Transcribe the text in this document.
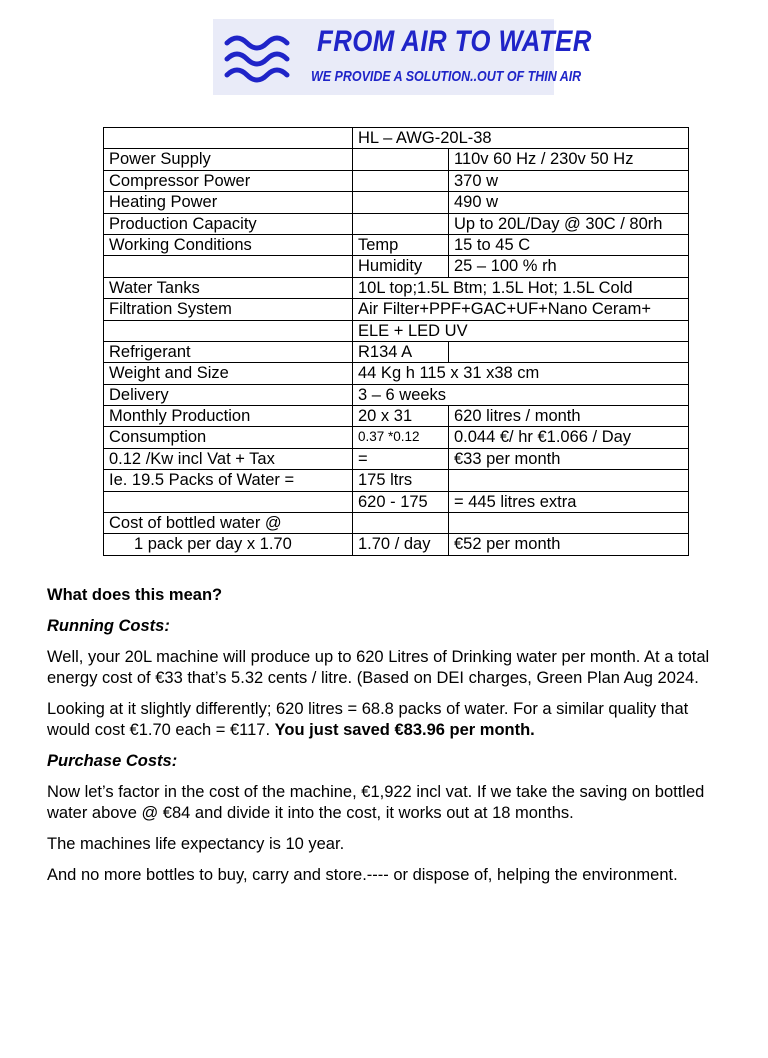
FROM AIR TO WATER
WE PROVIDE A SOLUTION..OUT OF THIN AIR
	HL – AWG-20L-38	
Power Supply		110v 60 Hz / 230v 50 Hz
Compressor Power		370 w
Heating Power		490 w
Production Capacity		Up to 20L/Day @ 30C / 80rh
Working Conditions	Temp	15 to 45 C
	Humidity	25 – 100 % rh
Water Tanks	10L top;1.5L Btm; 1.5L Hot; 1.5L Cold	
Filtration System	Air Filter+PPF+GAC+UF+Nano Ceram+	
	ELE + LED UV	
Refrigerant	R134 A	
Weight and Size	44 Kg h 115 x 31 x38 cm	
Delivery	3 – 6 weeks	
Monthly Production	20 x 31	620 litres / month
Consumption	0.37 *0.12	0.044 €/ hr €1.066 / Day
0.12 /Kw incl Vat + Tax	=	€33 per month
Ie. 19.5 Packs of Water =	175 ltrs	
	620 - 175	= 445 litres extra
Cost of bottled water @		
1 pack per day x 1.70	1.70 / day	€52 per month

What does this mean?

Running Costs:

Well, your 20L machine will produce up to 620 Litres of Drinking water per month. At a total energy cost of €33 that’s 5.32 cents / litre. (Based on DEI charges, Green Plan Aug 2024.

Looking at it slightly differently; 620 litres = 68.8 packs of water. For a similar quality that would cost €1.70 each = €117. You just saved €83.96 per month.

Purchase Costs:

Now let’s factor in the cost of the machine, €1,922 incl vat. If we take the saving on bottled water above @ €84 and divide it into the cost, it works out at 18 months.

The machines life expectancy is 10 year.

And no more bottles to buy, carry and store.---- or dispose of, helping the environment.
